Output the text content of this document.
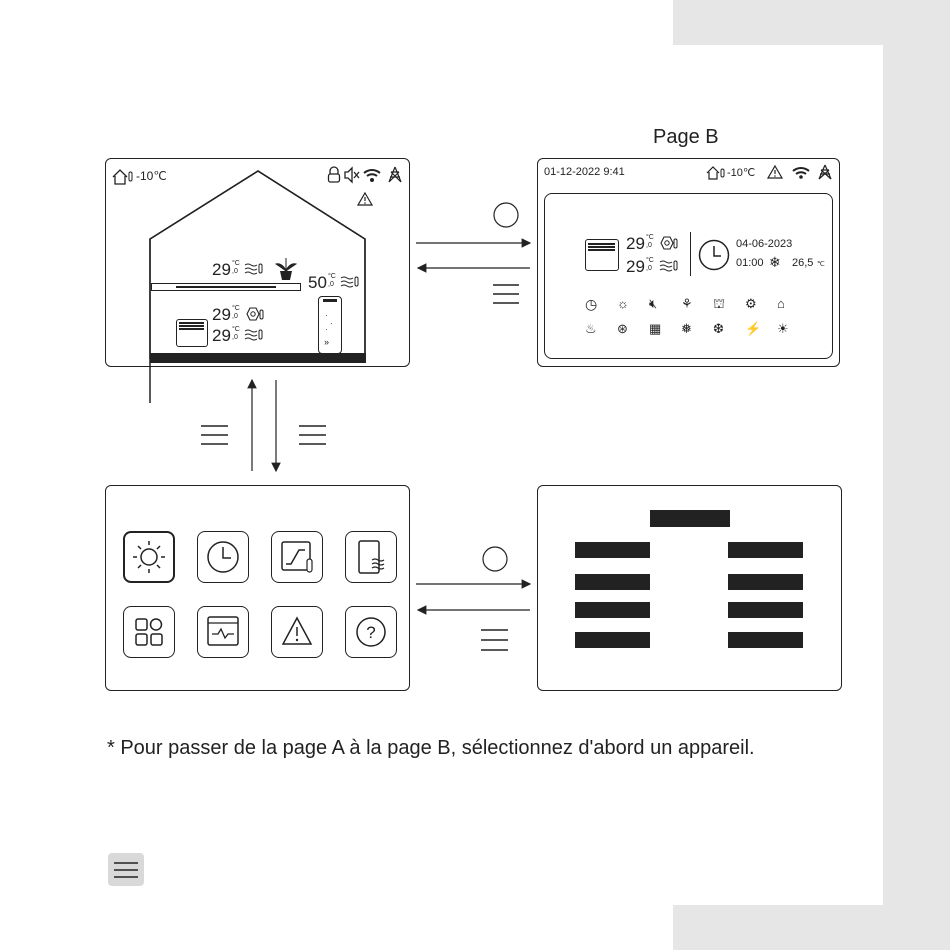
Page B
-10℃
29 °C
,0
50 °C
,0
·
·
·
»
29 °C
,0
29 °C
,0
01-12-2022 9:41	-10℃
29 °C
,0
29 °C
,0
04-06-2023
01:00 ❄ 26,5 ℃
◷ ☼ 🔇︎ ⚘ ⛫ ⚙ ⌂
♨ ⊛ ▦ ❅ ❆ ⚡ ☀
?
* Pour passer de la page A à la page B, sélectionnez d'abord un appareil.
